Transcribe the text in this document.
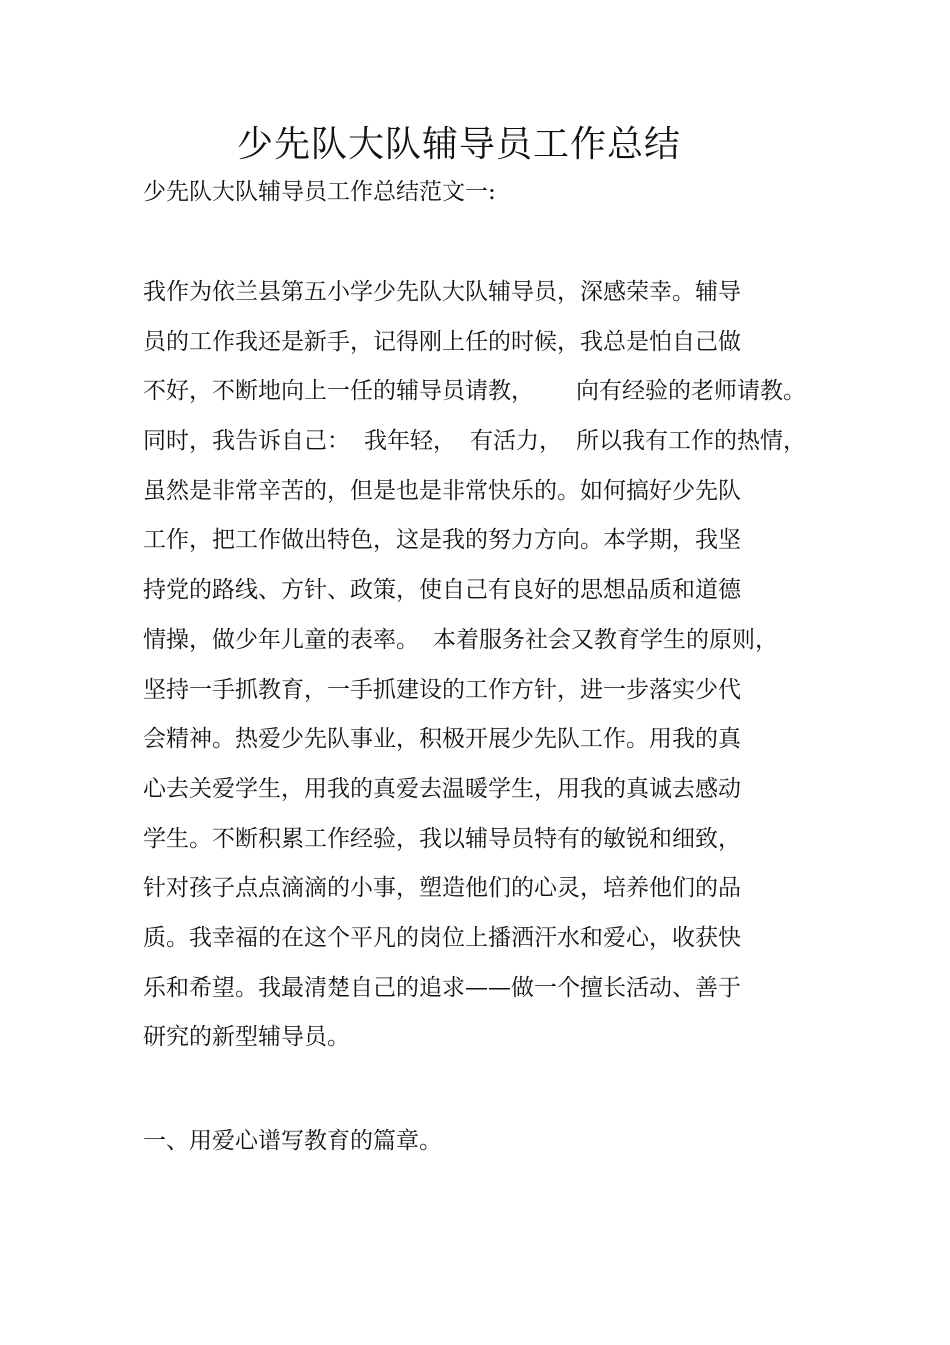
少先队大队辅导员工作总结
少先队大队辅导员工作总结范文一:
我作为依兰县第五小学少先队大队辅导员，深感荣幸。辅导
员的工作我还是新手，记得刚上任的时候，我总是怕自己做
不好，不断地向上一任的辅导员请教， 向有经验的老师请教。
同时，我告诉自己： 我年轻， 有活力， 所以我有工作的热情，
虽然是非常辛苦的，但是也是非常快乐的。如何搞好少先队
工作，把工作做出特色，这是我的努力方向。本学期，我坚
持党的路线、方针、政策，使自己有良好的思想品质和道德
情操，做少年儿童的表率。 本着服务社会又教育学生的原则，
坚持一手抓教育，一手抓建设的工作方针，进一步落实少代
会精神。热爱少先队事业，积极开展少先队工作。用我的真
心去关爱学生，用我的真爱去温暖学生，用我的真诚去感动
学生。不断积累工作经验，我以辅导员特有的敏锐和细致，
针对孩子点点滴滴的小事，塑造他们的心灵，培养他们的品
质。我幸福的在这个平凡的岗位上播洒汗水和爱心，收获快
乐和希望。我最清楚自己的追求——做一个擅长活动、善于
研究的新型辅导员。
一、用爱心谱写教育的篇章。
